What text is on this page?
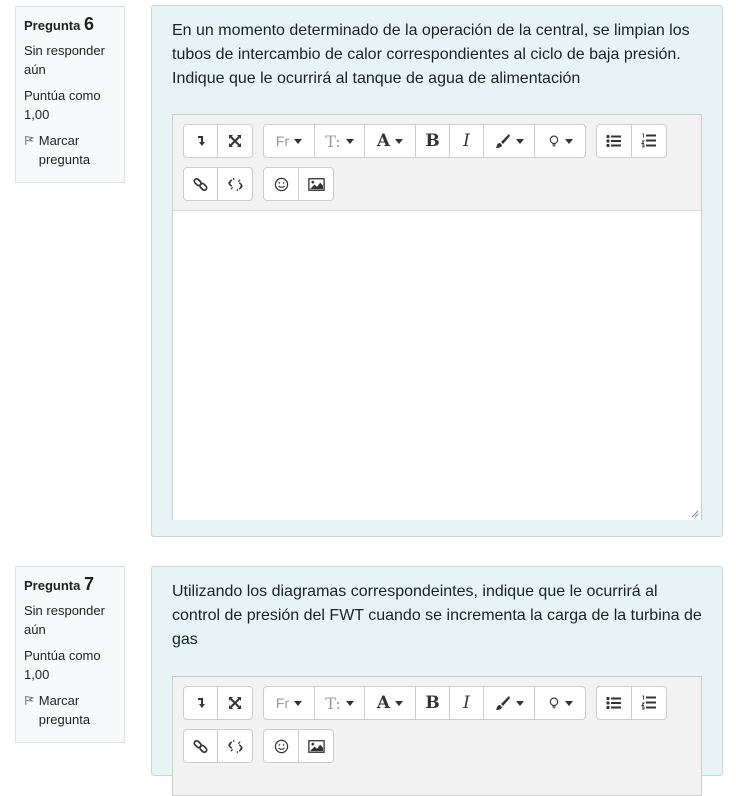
Pregunta 6
Sin responder aún
Puntúa como 1,00
Marcar pregunta
En un momento determinado de la operación de la central, se limpian los tubos de intercambio de calor correspondientes al ciclo de baja presión. Indique que le ocurrirá al tanque de agua de alimentación
Fr T: A B I
Pregunta 7
Sin responder aún
Puntúa como 1,00
Marcar pregunta
Utilizando los diagramas correspondeintes, indique que le ocurrirá al control de presión del FWT cuando se incrementa la carga de la turbina de gas
Fr T: A B I
